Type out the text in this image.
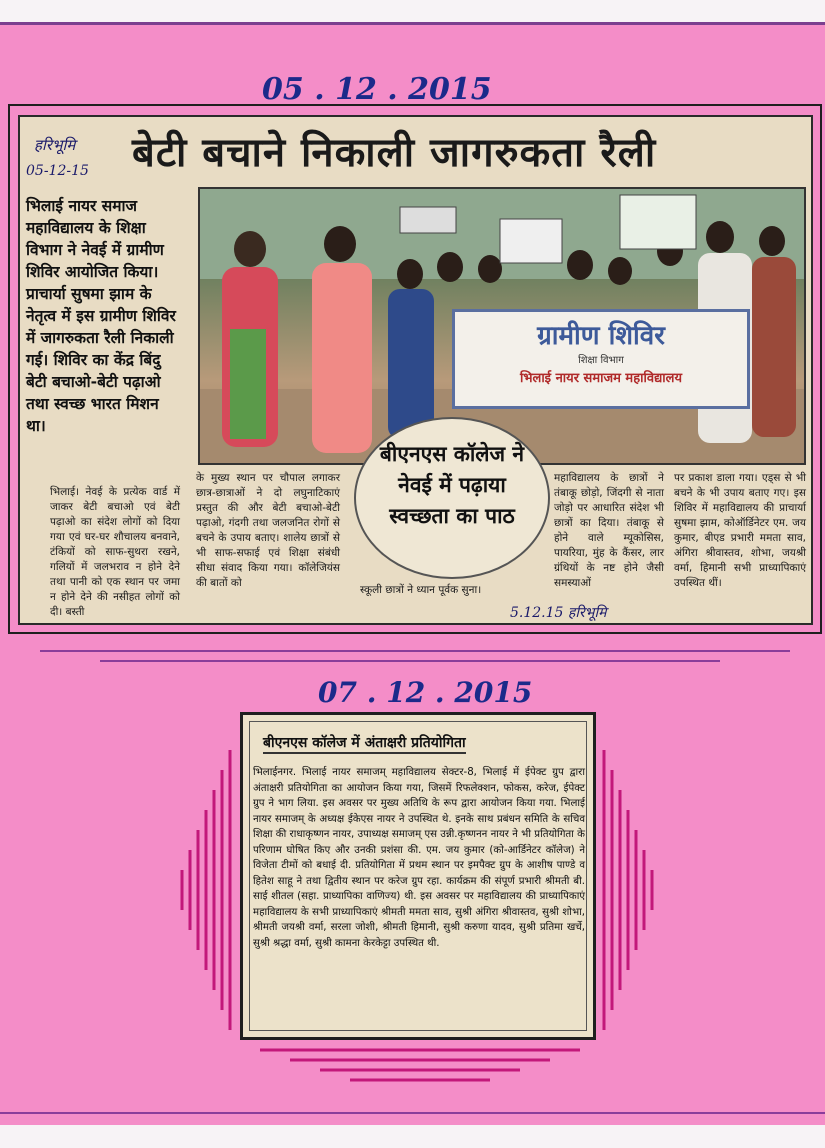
05 . 12 . 2015
हरिभूमि
05-12-15 बेटी बचाने निकाली जागरुकता रैली
भिलाई नायर समाज महाविद्यालय के शिक्षा विभाग ने नेवई में ग्रामीण शिविर आयोजित किया। प्राचार्या सुषमा झाम के नेतृत्व में इस ग्रामीण शिविर में जागरुकता रैली निकाली गई। शिविर का केंद्र बिंदु बेटी बचाओ-बेटी पढ़ाओ तथा स्वच्छ भारत मिशन था।
ग्रामीण शिविर
शिक्षा विभाग
भिलाई नायर समाजम महाविद्यालय
भिलाई। नेवई के प्रत्येक वार्ड में जाकर बेटी बचाओ एवं बेटी पढ़ाओ का संदेश लोगों को दिया गया एवं घर-घर शौचालय बनवाने, टंकियों को साफ-सुथरा रखने, गलियों में जलभराव न होने देने तथा पानी को एक स्थान पर जमा न होने देने की नसीहत लोगों को दी। बस्ती
के मुख्य स्थान पर चौपाल लगाकर छात्र-छात्राओं ने दो लघुनाटिकाएं प्रस्तुत की और बेटी बचाओ-बेटी पढ़ाओ, गंदगी तथा जलजनित रोगों से बचने के उपाय बताए। शालेय छात्रों से भी साफ-सफाई एवं शिक्षा संबंधी सीधा संवाद किया गया। कॉलेजियंस की बातों को
महाविद्यालय के छात्रों ने तंबाकू छोड़ो, जिंदगी से नाता जोड़ो पर आधारित संदेश भी छात्रों का दिया। तंबाकू से होने वाले म्यूकोसिस, पायरिया, मुंह के कैंसर, लार ग्रंथियों के नष्ट होने जैसी समस्याओं
स्कूली छात्रों ने ध्यान पूर्वक सुना।
पर प्रकाश डाला गया। एड्स से भी बचने के भी उपाय बताए गए। इस शिविर में महाविद्यालय की प्राचार्या सुषमा झाम, कोऑर्डिनेटर एम. जय कुमार, बीएड प्रभारी ममता साव, अंगिरा श्रीवास्तव, शोभा, जयश्री वर्मा, हिमानी सभी प्राध्यापिकाएं उपस्थित थीं।
बीएनएस कॉलेज ने नेवई में पढ़ाया स्वच्छता का पाठ
5.12.15 हरिभूमि
07 . 12 . 2015
बीएनएस कॉलेज में अंताक्षरी प्रतियोगिता
भिलाईनगर. भिलाई नायर समाजम् महाविद्यालय सेक्टर-8, भिलाई में ईपेक्ट ग्रुप द्वारा अंताक्षरी प्रतियोगिता का आयोजन किया गया, जिसमें रिफलेक्शन, फोकस, करेज, ईपेक्ट ग्रुप ने भाग लिया. इस अवसर पर मुख्य अतिथि के रूप द्वारा आयोजन किया गया. भिलाई नायर समाजम् के अध्यक्ष ईकेएस नायर ने उपस्थित थे. इनके साथ प्रबंधन समिति के सचिव शिक्षा की राधाकृष्णन नायर, उपाध्यक्ष समाजम् एस उन्नी.कृष्णनन नायर ने भी प्रतियोगिता के परिणाम घोषित किए और उनकी प्रशंसा की. एम. जय कुमार (को-आर्डिनेटर कॉलेज) ने विजेता टीमों को बधाई दी. प्रतियोगिता में प्रथम स्थान पर इमपैक्ट ग्रुप के आशीष पाण्डे व हितेश साहू ने तथा द्वितीय स्थान पर करेज ग्रुप रहा. कार्यक्रम की संपूर्ण प्रभारी श्रीमती बी. साई शीतल (सहा. प्राध्यापिका वाणिज्य) थी. इस अवसर पर महाविद्यालय की प्राध्यापिकाएं महाविद्यालय के सभी प्राध्यापिकाएं श्रीमती ममता साव, सुश्री अंगिरा श्रीवास्तव, सुश्री शोभा, श्रीमती जयश्री वर्मा, सरला जोशी, श्रीमती हिमानी, सुश्री करुणा यादव, सुश्री प्रतिमा खर्चे, सुश्री श्रद्धा वर्मा, सुश्री कामना केरकेट्टा उपस्थित थी.
